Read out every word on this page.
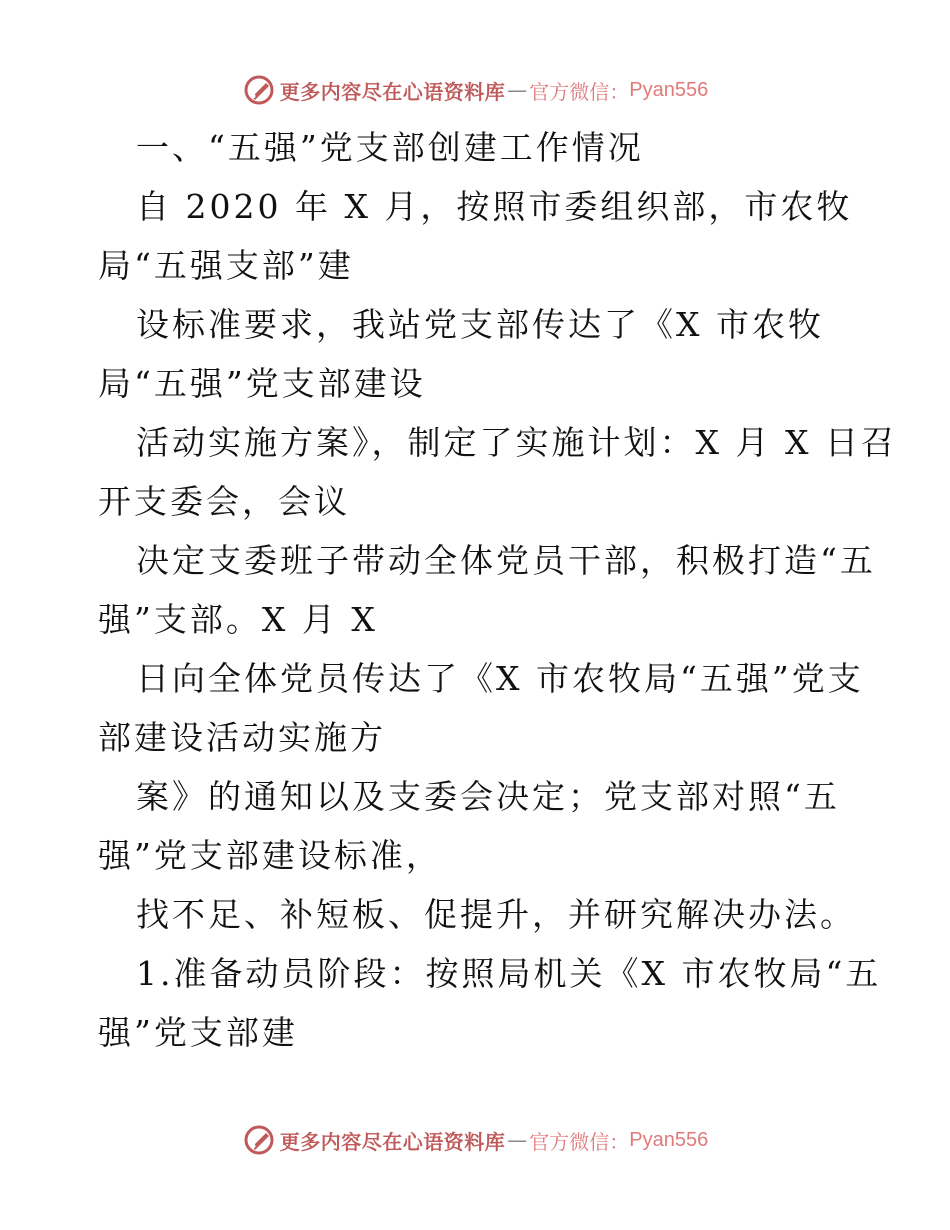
更多内容尽在心语资料库 — 官方微信： Pyan556
一、“五强”党支部创建工作情况
自 2020 年 X 月，按照市委组织部，市农牧
局“五强支部”建
设标准要求，我站党支部传达了《X 市农牧
局“五强”党支部建设
活动实施方案》，制定了实施计划：X 月 X 日召
开支委会，会议
决定支委班子带动全体党员干部，积极打造“五
强”支部。X 月 X
日向全体党员传达了《X 市农牧局“五强”党支
部建设活动实施方
案》的通知以及支委会决定；党支部对照“五
强”党支部建设标准，
找不足、补短板、促提升，并研究解决办法。
1.准备动员阶段：按照局机关《X 市农牧局“五
强”党支部建
更多内容尽在心语资料库 — 官方微信： Pyan556
